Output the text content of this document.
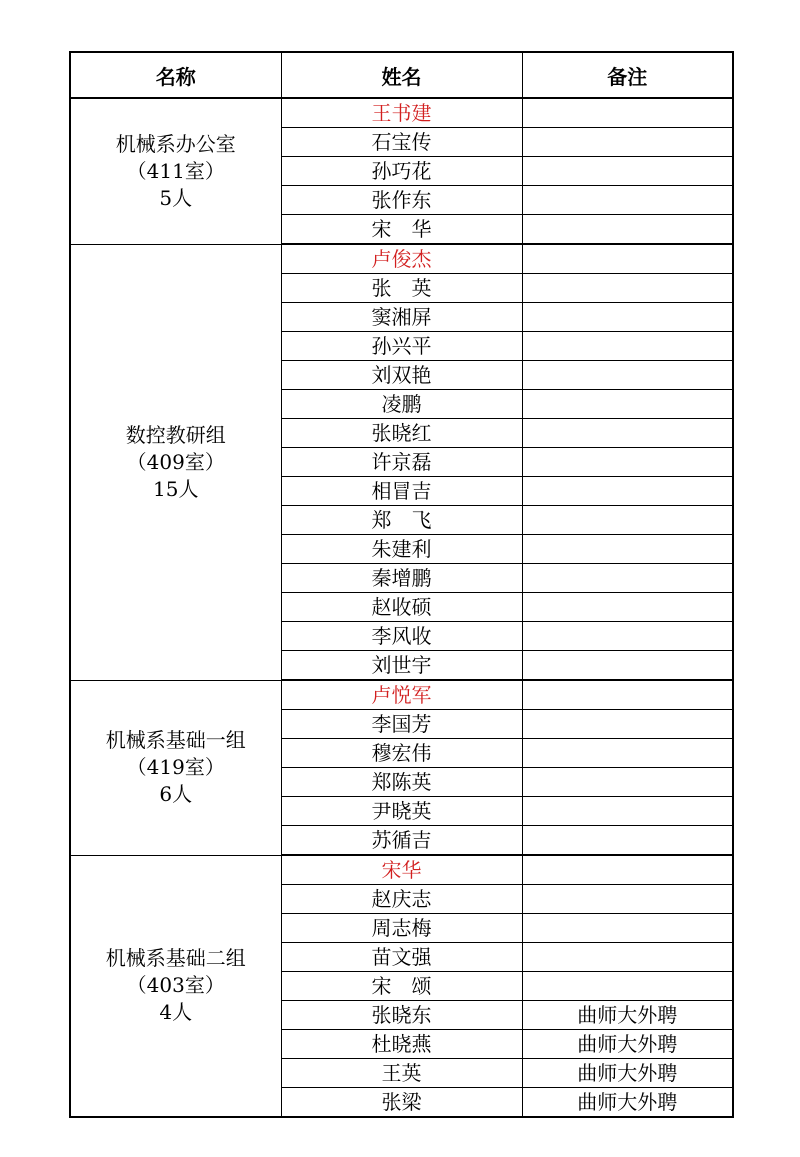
名称	姓名	备注

机械系办公室
（411室）
5人	王书建	
	石宝传	
	孙巧花	
	张作东	
	宋　华	

数控教研组
（409室）
15人	卢俊杰	
	张　英	
	窦湘屏	
	孙兴平	
	刘双艳	
	凌鹏	
	张晓红	
	许京磊	
	相冒吉	
	郑　飞	
	朱建利	
	秦增鹏	
	赵收硕	
	李风收	
	刘世宇	

机械系基础一组
（419室）
6人	卢悦军	
	李国芳	
	穆宏伟	
	郑陈英	
	尹晓英	
	苏循吉	

机械系基础二组
（403室）
4人	宋华	
	赵庆志	
	周志梅	
	苗文强	
	宋　颂	
	张晓东	曲师大外聘
	杜晓燕	曲师大外聘
	王英	曲师大外聘
	张梁	曲师大外聘
